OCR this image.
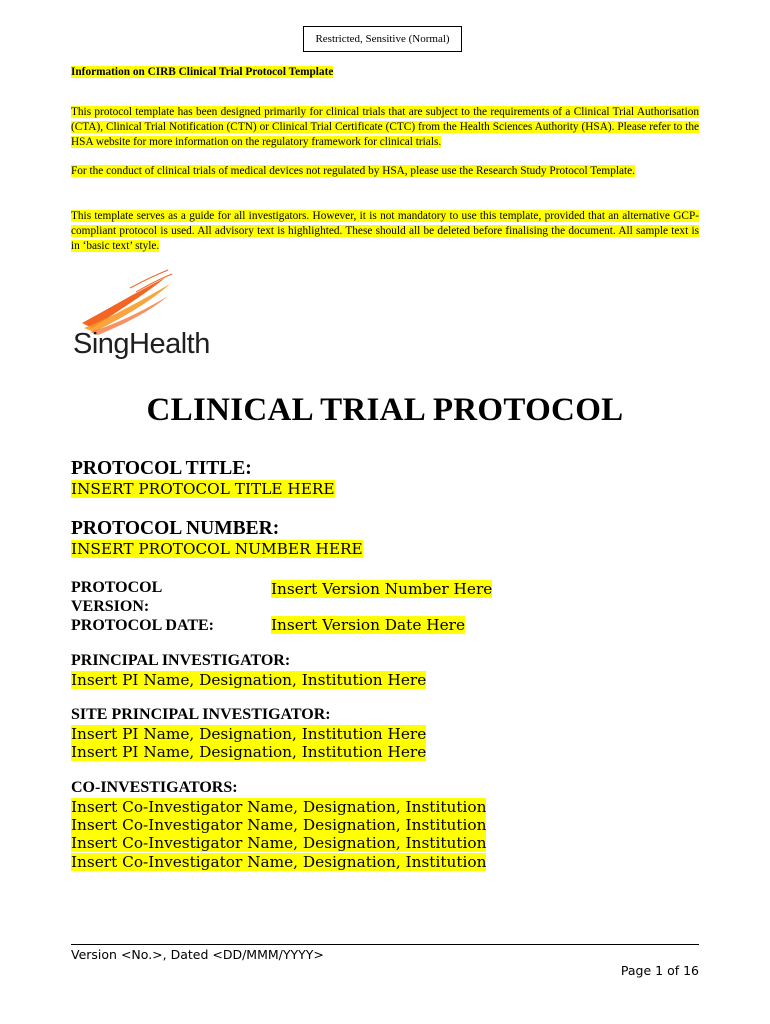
Restricted, Sensitive (Normal)
Information on CIRB Clinical Trial Protocol Template
This protocol template has been designed primarily for clinical trials that are subject to the requirements of a Clinical Trial Authorisation (CTA), Clinical Trial Notification (CTN) or Clinical Trial Certificate (CTC) from the Health Sciences Authority (HSA). Please refer to the HSA website for more information on the regulatory framework for clinical trials.
For the conduct of clinical trials of medical devices not regulated by HSA, please use the Research Study Protocol Template.
This template serves as a guide for all investigators. However, it is not mandatory to use this template, provided that an alternative GCP-compliant protocol is used. All advisory text is highlighted. These should all be deleted before finalising the document. All sample text is in ‘basic text’ style.
SingHealth
CLINICAL TRIAL PROTOCOL
PROTOCOL TITLE:
INSERT PROTOCOL TITLE HERE
PROTOCOL NUMBER:
INSERT PROTOCOL NUMBER HERE
PROTOCOL
VERSION:
Insert Version Number Here
PROTOCOL DATE:	Insert Version Date Here
PRINCIPAL INVESTIGATOR:
Insert PI Name, Designation, Institution Here
SITE PRINCIPAL INVESTIGATOR:
Insert PI Name, Designation, Institution Here
Insert PI Name, Designation, Institution Here
CO-INVESTIGATORS:
Insert Co-Investigator Name, Designation, Institution
Insert Co-Investigator Name, Designation, Institution
Insert Co-Investigator Name, Designation, Institution
Insert Co-Investigator Name, Designation, Institution
Version <No.>, Dated <DD/MMM/YYYY>
Page 1 of 16
